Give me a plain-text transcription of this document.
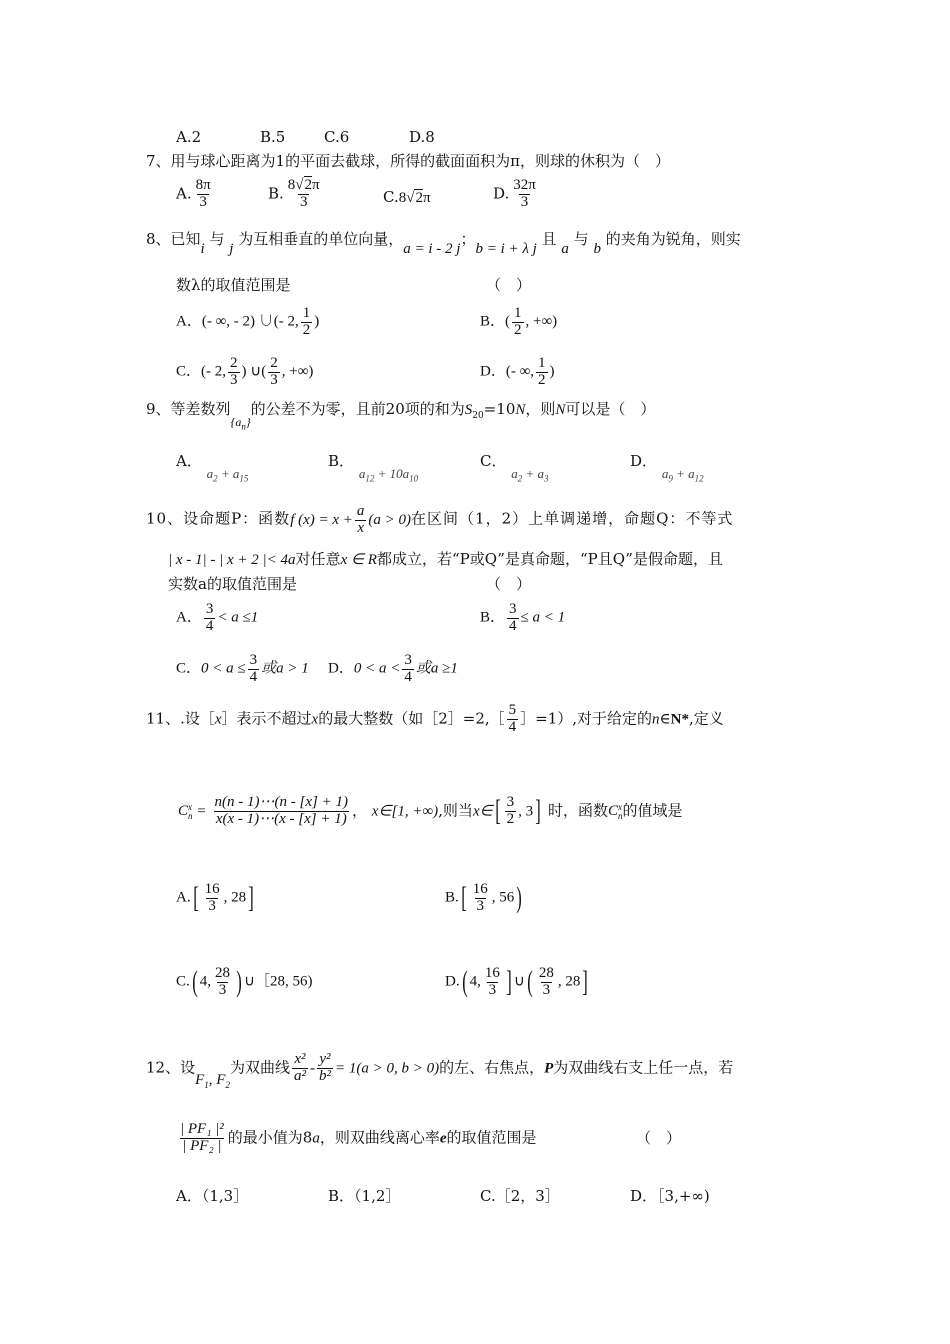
A.2	B.5	C.6	D.8
7、用与球心距离为1的平面去截球，所得的截面面积为π，则球的休积为（　）
A. $\frac{8\pi}{3}$	B. $\frac{8√2\pi}{3}$	C.8√2π	D. $\frac{32\pi}{3}$
8、已知i 与 j 为互相垂直的单位向量，a = i - 2 j；b = i + λ j 且 a 与 b 的夹角为锐角，则实
数λ的取值范围是	（　）
A．(- ∞, - 2) ∪(- 2, $\frac{1}{2}$ )	B．( $\frac{1}{2}$ , +∞)
C．(- 2, $\frac{2}{3}$ ) ∪( $\frac{2}{3}$ , +∞)	D．(- ∞, $\frac{1}{2}$ )
9、等差数列$_{\{a_n\}}$的公差不为零，且前20项的和为$S_{20}=10N$，则N可以是（　）
A． $a_2 + a_{15}$
B． $a_{12} + 10a_{10}$
C． $a_2 + a_3$
D． $a_9 + a_{12}$
10、设命题P：函数f $(x) = x + \frac{a}{x} (a > 0)$在区间（1，2）上单调递增，命题Q：不等式
| x - 1| - | x + 2 |< 4a对任意x ∈ R都成立，若“P或Q”是真命题，“P且Q”是假命题，且
实数a的取值范围是	（　）
A． $\frac{3}{4} < a \le 1$	B． $\frac{3}{4} \le a < 1$
C．$0 < a \le \frac{3}{4}$ 或a > 1 D．$0 < a < \frac{3}{4}$ 或a ≥1
11、.设［x］表示不超过x的最大整数（如［2］=2,［ $\frac{5}{4}$ ］=1）,对于给定的n∈N*,定义
C x
$n = \frac{n(n - 1)\cdots(n - [x] + 1)}{x(x - 1)\cdots(x - [x] + 1)}$ ， x∈[1, +∞),则当x∈[ $\frac{3}{2}$ , 3] 时，函数C x
n 的值域是
$A.[ \frac{16}{3}$ , 28]	$B.[ \frac{16}{3}$ , 56)
C.( 4, $\frac{28}{3}$ ) ∪［28, 56)	D.( 4, $\frac{16}{3}$ ] ∪( $\frac{28}{3}$ , 28]
12、设$F_1$, $F_2$为双曲线 $\frac{\text{x²}}{\text{a²}} - \frac{\text{y²}}{\text{b²}} = 1(a > 0$, b > 0)的左、右焦点，P为双曲线右支上任一点，若
$\frac{\text{| PF₁ |²}}{\text{| PF₂ |}}$ 的最小值为8a，则双曲线离心率e的取值范围是	（　）
A．（1,3］	B．（1,2］	C.［2，3］	D．［3,+∞)
